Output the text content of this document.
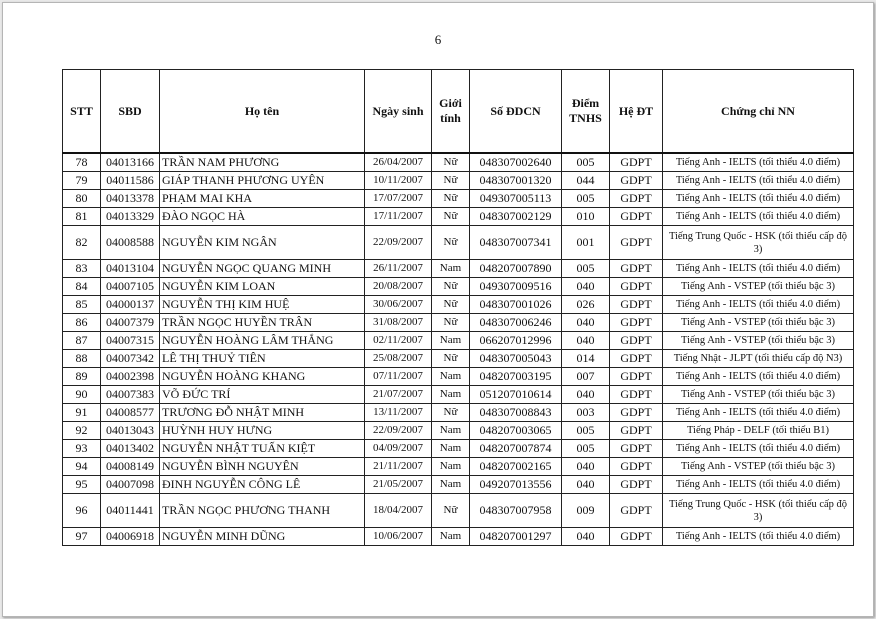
6
STT	SBD	Họ tên	Ngày sinh	Giới tính	Số ĐDCN	Điểm TNHS	Hệ ĐT	Chứng chỉ NN
78	04013166	TRẦN NAM PHƯƠNG	26/04/2007	Nữ	048307002640	005	GDPT	Tiếng Anh - IELTS (tối thiểu 4.0 điểm)
79	04011586	GIÁP THANH PHƯƠNG UYÊN	10/11/2007	Nữ	048307001320	044	GDPT	Tiếng Anh - IELTS (tối thiểu 4.0 điểm)
80	04013378	PHẠM MAI KHA	17/07/2007	Nữ	049307005113	005	GDPT	Tiếng Anh - IELTS (tối thiểu 4.0 điểm)
81	04013329	ĐÀO NGỌC HÀ	17/11/2007	Nữ	048307002129	010	GDPT	Tiếng Anh - IELTS (tối thiểu 4.0 điểm)
82	04008588	NGUYỄN KIM NGÂN	22/09/2007	Nữ	048307007341	001	GDPT	Tiếng Trung Quốc - HSK (tối thiểu cấp độ 3)
83	04013104	NGUYỄN NGỌC QUANG MINH	26/11/2007	Nam	048207007890	005	GDPT	Tiếng Anh - IELTS (tối thiểu 4.0 điểm)
84	04007105	NGUYỄN KIM LOAN	20/08/2007	Nữ	049307009516	040	GDPT	Tiếng Anh - VSTEP (tối thiểu bậc 3)
85	04000137	NGUYỄN THỊ KIM HUỆ	30/06/2007	Nữ	048307001026	026	GDPT	Tiếng Anh - IELTS (tối thiểu 4.0 điểm)
86	04007379	TRẦN NGỌC HUYỀN TRÂN	31/08/2007	Nữ	048307006246	040	GDPT	Tiếng Anh - VSTEP (tối thiểu bậc 3)
87	04007315	NGUYỄN HOÀNG LÂM THẮNG	02/11/2007	Nam	066207012996	040	GDPT	Tiếng Anh - VSTEP (tối thiểu bậc 3)
88	04007342	LÊ THỊ THUỶ TIÊN	25/08/2007	Nữ	048307005043	014	GDPT	Tiếng Nhật - JLPT (tối thiểu cấp độ N3)
89	04002398	NGUYỄN HOÀNG KHANG	07/11/2007	Nam	048207003195	007	GDPT	Tiếng Anh - IELTS (tối thiểu 4.0 điểm)
90	04007383	VÕ ĐỨC TRÍ	21/07/2007	Nam	051207010614	040	GDPT	Tiếng Anh - VSTEP (tối thiểu bậc 3)
91	04008577	TRƯƠNG ĐỖ NHẬT MINH	13/11/2007	Nữ	048307008843	003	GDPT	Tiếng Anh - IELTS (tối thiểu 4.0 điểm)
92	04013043	HUỲNH HUY HƯNG	22/09/2007	Nam	048207003065	005	GDPT	Tiếng Pháp - DELF (tối thiểu B1)
93	04013402	NGUYỄN NHẬT TUẤN KIỆT	04/09/2007	Nam	048207007874	005	GDPT	Tiếng Anh - IELTS (tối thiểu 4.0 điểm)
94	04008149	NGUYỄN BÌNH NGUYÊN	21/11/2007	Nam	048207002165	040	GDPT	Tiếng Anh - VSTEP (tối thiểu bậc 3)
95	04007098	ĐINH NGUYỄN CÔNG LÊ	21/05/2007	Nam	049207013556	040	GDPT	Tiếng Anh - IELTS (tối thiểu 4.0 điểm)
96	04011441	TRẦN NGỌC PHƯƠNG THANH	18/04/2007	Nữ	048307007958	009	GDPT	Tiếng Trung Quốc - HSK (tối thiểu cấp độ 3)
97	04006918	NGUYỄN MINH DŨNG	10/06/2007	Nam	048207001297	040	GDPT	Tiếng Anh - IELTS (tối thiểu 4.0 điểm)
